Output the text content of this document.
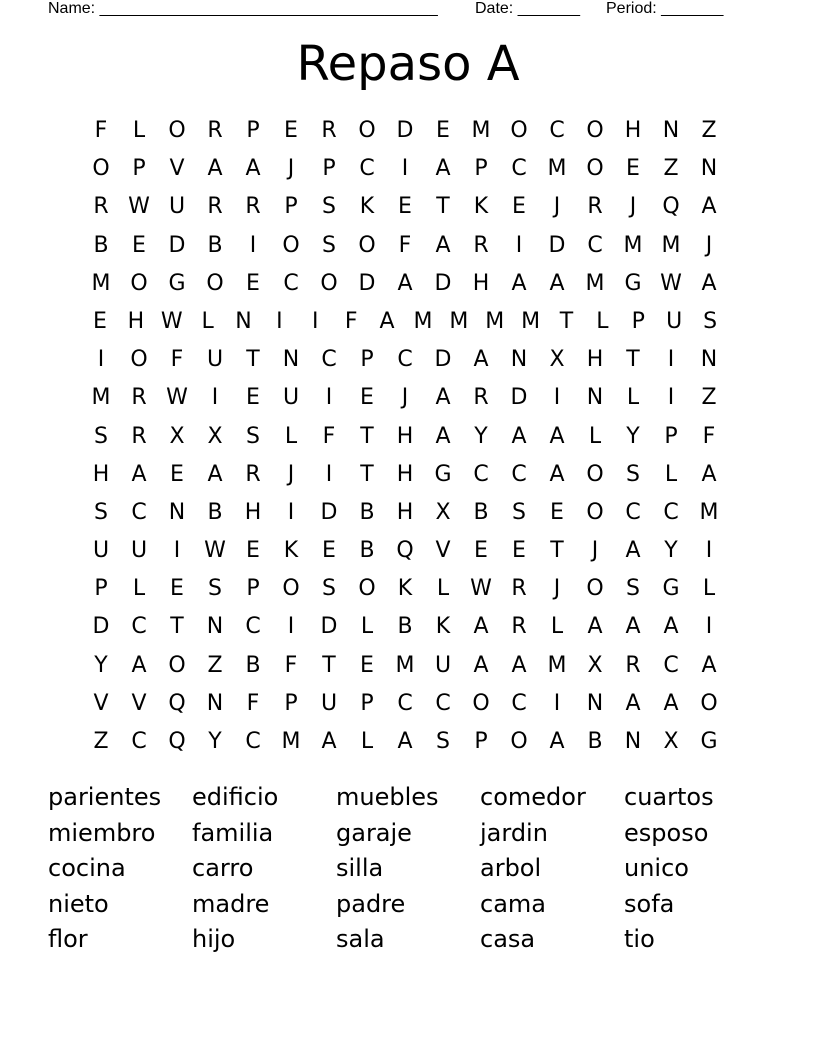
Name: ______________________________________ Date: _______ Period: _______
Repaso A
F	L	O R	P	E	R O D	E M O C O H N	Z
O	P	V	A	A	J	P	C	I	A	P	C M O	E	Z	N
R W U	R	R	P	S	K	E	T	K	E	J	R	J	Q A
B	E	D B	I	O	S	O	F	A	R	I	D C M M	J
M O G O	E	C O D	A D H	A	A M G W A
E H W L N	I	I	F	A M M M M T	L	P U S
I	O	F	U	T	N	C	P	C D	A	N	X	H	T	I	N
M R W	I	E	U	I	E	J	A	R D	I	N	L	I	Z
S	R	X	X	S	L	F	T	H	A	Y	A	A	L	Y	P	F
H	A	E	A	R	J	I	T	H G C	C	A O	S	L	A
S	C	N	B	H	I	D B	H	X	B	S	E	O C	C M
U U	I	W E	K	E	B Q V	E	E	T	J	A	Y	I
P	L	E	S	P	O	S	O	K	L W R	J	O	S	G	L
D C	T	N	C	I	D	L	B	K	A	R	L	A	A	A	I
Y	A O Z	B	F	T	E M U	A	A M X	R	C	A
V	V Q N	F	P	U	P	C	C O C	I	N	A	A O
Z	C Q	Y	C M A	L	A	S	P	O A	B	N	X G
parientes	edificio	muebles	comedor	cuartos
miembro	familia	garaje	jardin	esposo
cocina	carro	silla	arbol	unico
nieto	madre	padre	cama	sofa
flor	hijo	sala	casa	tio
